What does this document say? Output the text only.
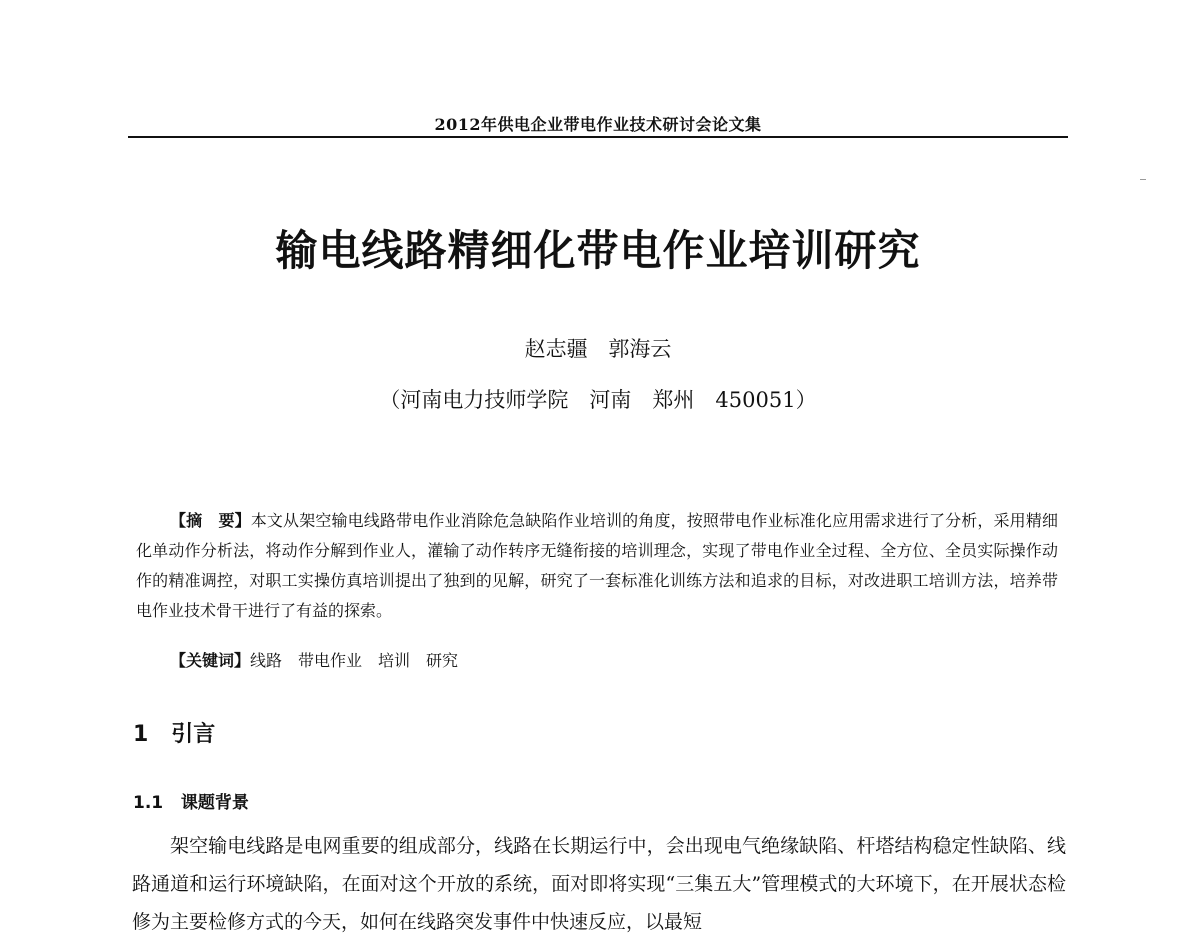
2012年供电企业带电作业技术研讨会论文集
输电线路精细化带电作业培训研究
赵志疆 郭海云
（河南电力技师学院　河南　郑州　450051）

【摘　要】本文从架空输电线路带电作业消除危急缺陷作业培训的角度，按照带电作业标准化应用需求进行了分析，采用精细化单动作分析法，将动作分解到作业人，灌输了动作转序无缝衔接的培训理念，实现了带电作业全过程、全方位、全员实际操作动作的精准调控，对职工实操仿真培训提出了独到的见解，研究了一套标准化训练方法和追求的目标，对改进职工培训方法，培养带电作业技术骨干进行了有益的探索。

【关键词】线路　带电作业　培训　研究
1 引言
1.1 课题背景

架空输电线路是电网重要的组成部分，线路在长期运行中，会出现电气绝缘缺陷、杆塔结构稳定性缺陷、线路通道和运行环境缺陷，在面对这个开放的系统，面对即将实现“三集五大”管理模式的大环境下，在开展状态检修为主要检修方式的今天，如何在线路突发事件中快速反应，以最短
